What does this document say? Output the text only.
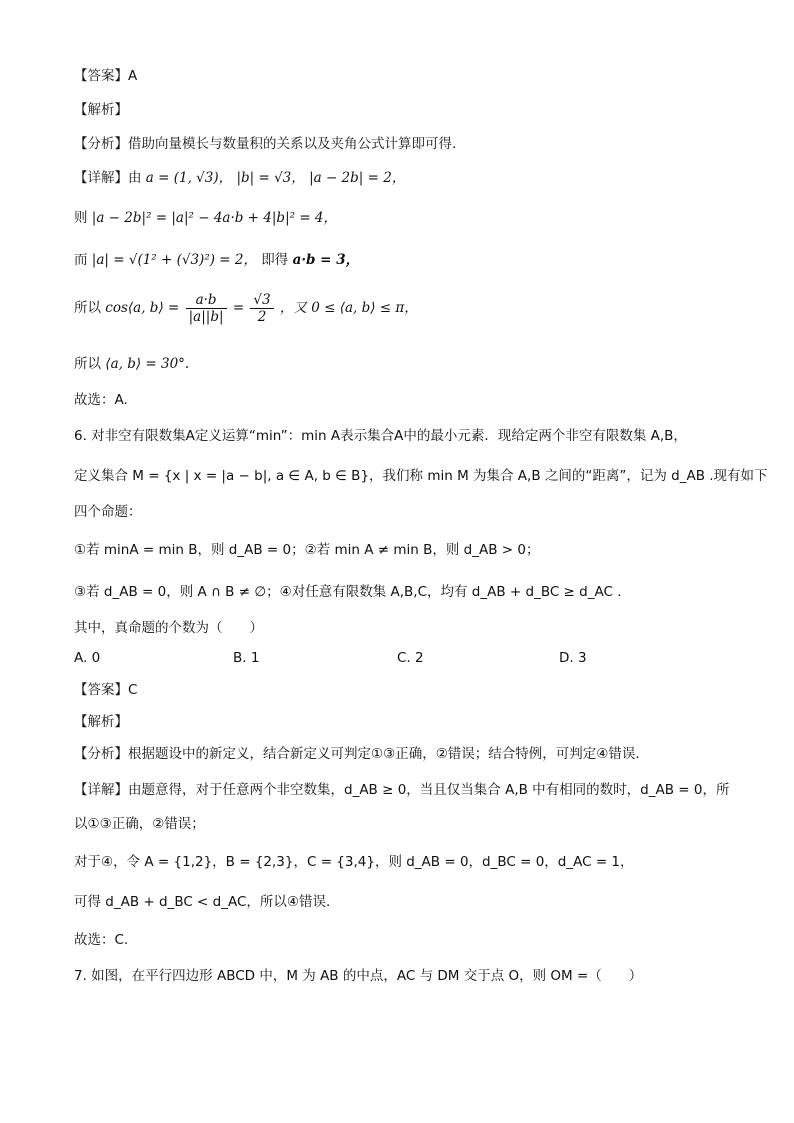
【答案】A
【解析】
【分析】借助向量模长与数量积的关系以及夹角公式计算即可得.
【详解】由 a = (1, √3)， |b| = √3， |a − 2b| = 2，
则 |a − 2b|² = |a|² − 4a·b + 4|b|² = 4，
而 |a| = √(1² + (√3)²) = 2， 即得 a·b = 3，
所以 cos⟨a, b⟩ = $\frac{a\cdot b}{|a||b|} = \frac{√3}{2}$ ，又 0 ≤ ⟨a, b⟩ ≤ π，
所以 ⟨a, b⟩ = 30°.
故选：A.
6. 对非空有限数集A定义运算“min”：min A表示集合A中的最小元素．现给定两个非空有限数集 A,B，
定义集合 M = {x | x = |a − b|, a ∈ A, b ∈ B}，我们称 min M 为集合 A,B 之间的“距离”，记为 d_AB .现有如下
四个命题：
①若 minA = min B，则 d_AB = 0；②若 min A ≠ min B，则 d_AB > 0；
③若 d_AB = 0，则 A ∩ B ≠ ∅；④对任意有限数集 A,B,C，均有 d_AB + d_BC ≥ d_AC .
其中，真命题的个数为（　　）
A. 0	B. 1	C. 2	D. 3
【答案】C
【解析】
【分析】根据题设中的新定义，结合新定义可判定①③正确，②错误；结合特例，可判定④错误.
【详解】由题意得，对于任意两个非空数集，d_AB ≥ 0，当且仅当集合 A,B 中有相同的数时，d_AB = 0，所
以①③正确，②错误；
对于④，令 A = {1,2}，B = {2,3}，C = {3,4}，则 d_AB = 0，d_BC = 0，d_AC = 1，
可得 d_AB + d_BC < d_AC，所以④错误.
故选：C.
7. 如图，在平行四边形 ABCD 中，M 为 AB 的中点，AC 与 DM 交于点 O，则 OM =（　　）
